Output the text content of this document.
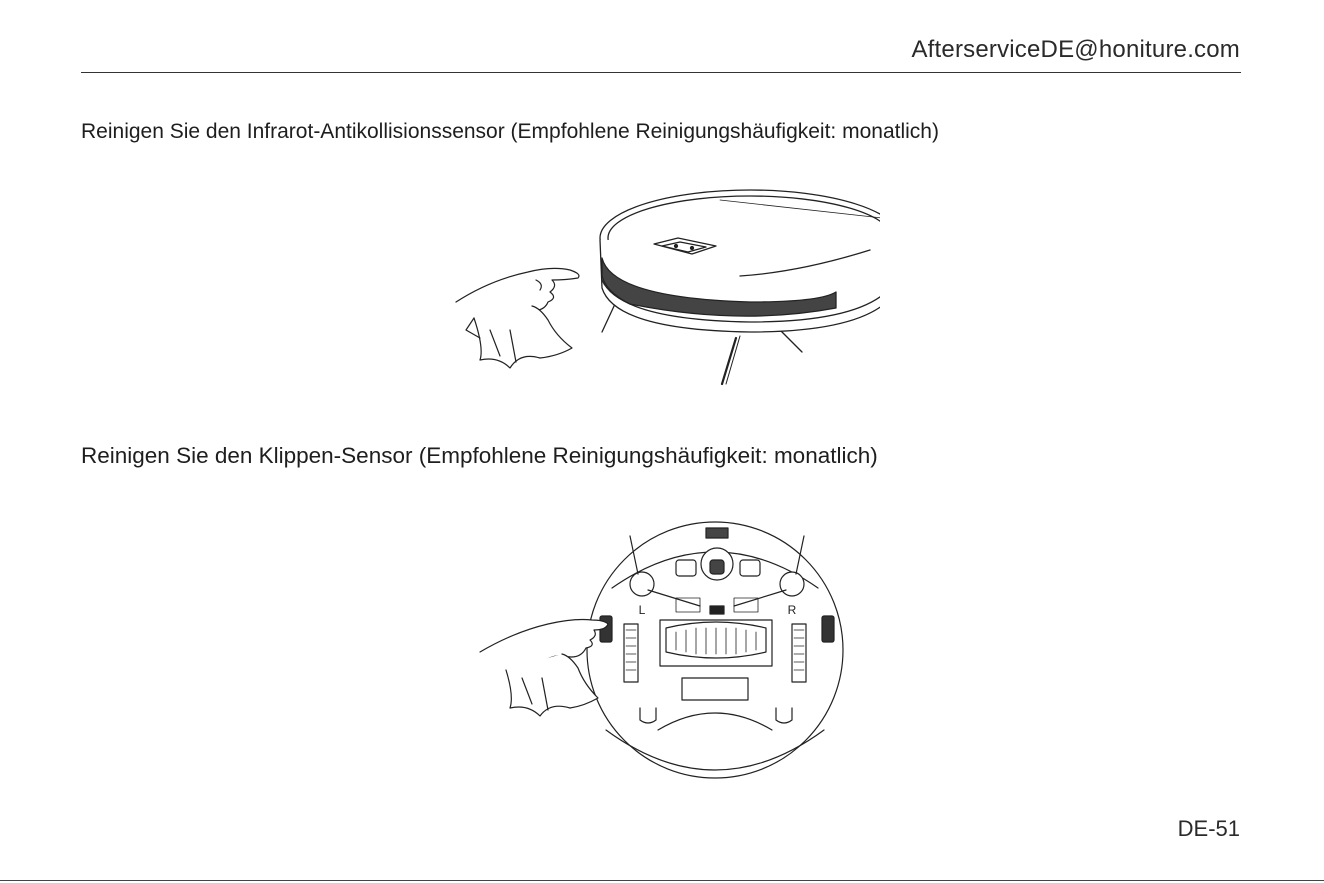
AfterserviceDE@honiture.com
Reinigen Sie den Infrarot-Antikollisionssensor (Empfohlene Reinigungshäufigkeit: monatlich)
Reinigen Sie den Klippen-Sensor (Empfohlene Reinigungshäufigkeit: monatlich)
L	R
DE-51
